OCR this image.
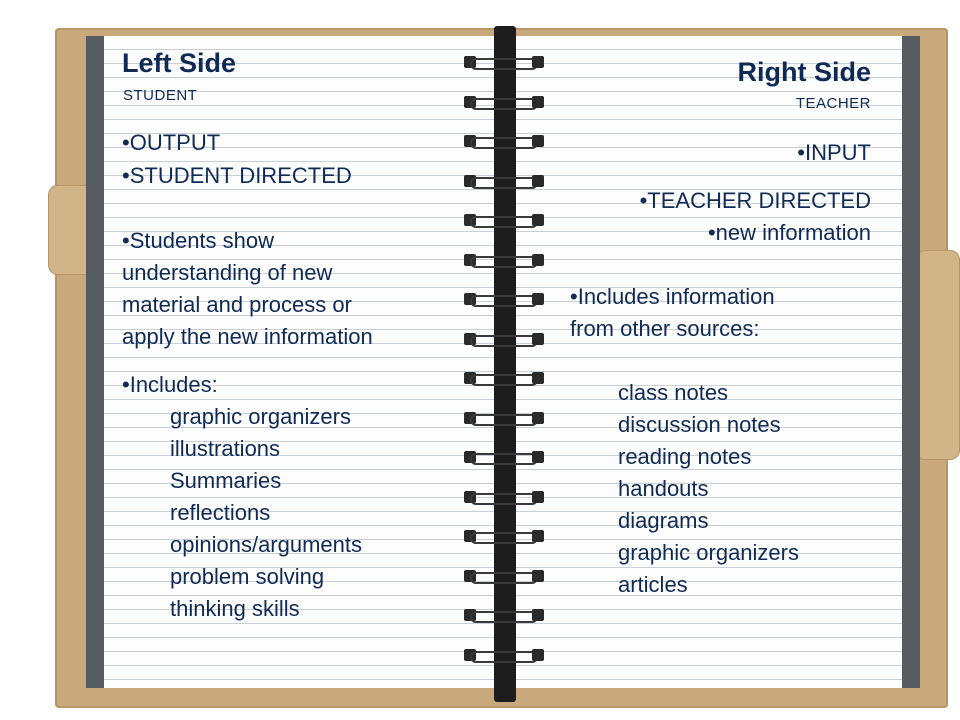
Left Side
STUDENT
•OUTPUT
•STUDENT DIRECTED
•Students show
understanding of new
material and process or
apply the new information
•Includes:
graphic organizers
illustrations
Summaries
reflections
opinions/arguments
problem solving
thinking skills
Right Side
TEACHER
•INPUT
•TEACHER DIRECTED
•new information
•Includes information
from other sources:
class notes
discussion notes
reading notes
handouts
diagrams
graphic organizers
articles
